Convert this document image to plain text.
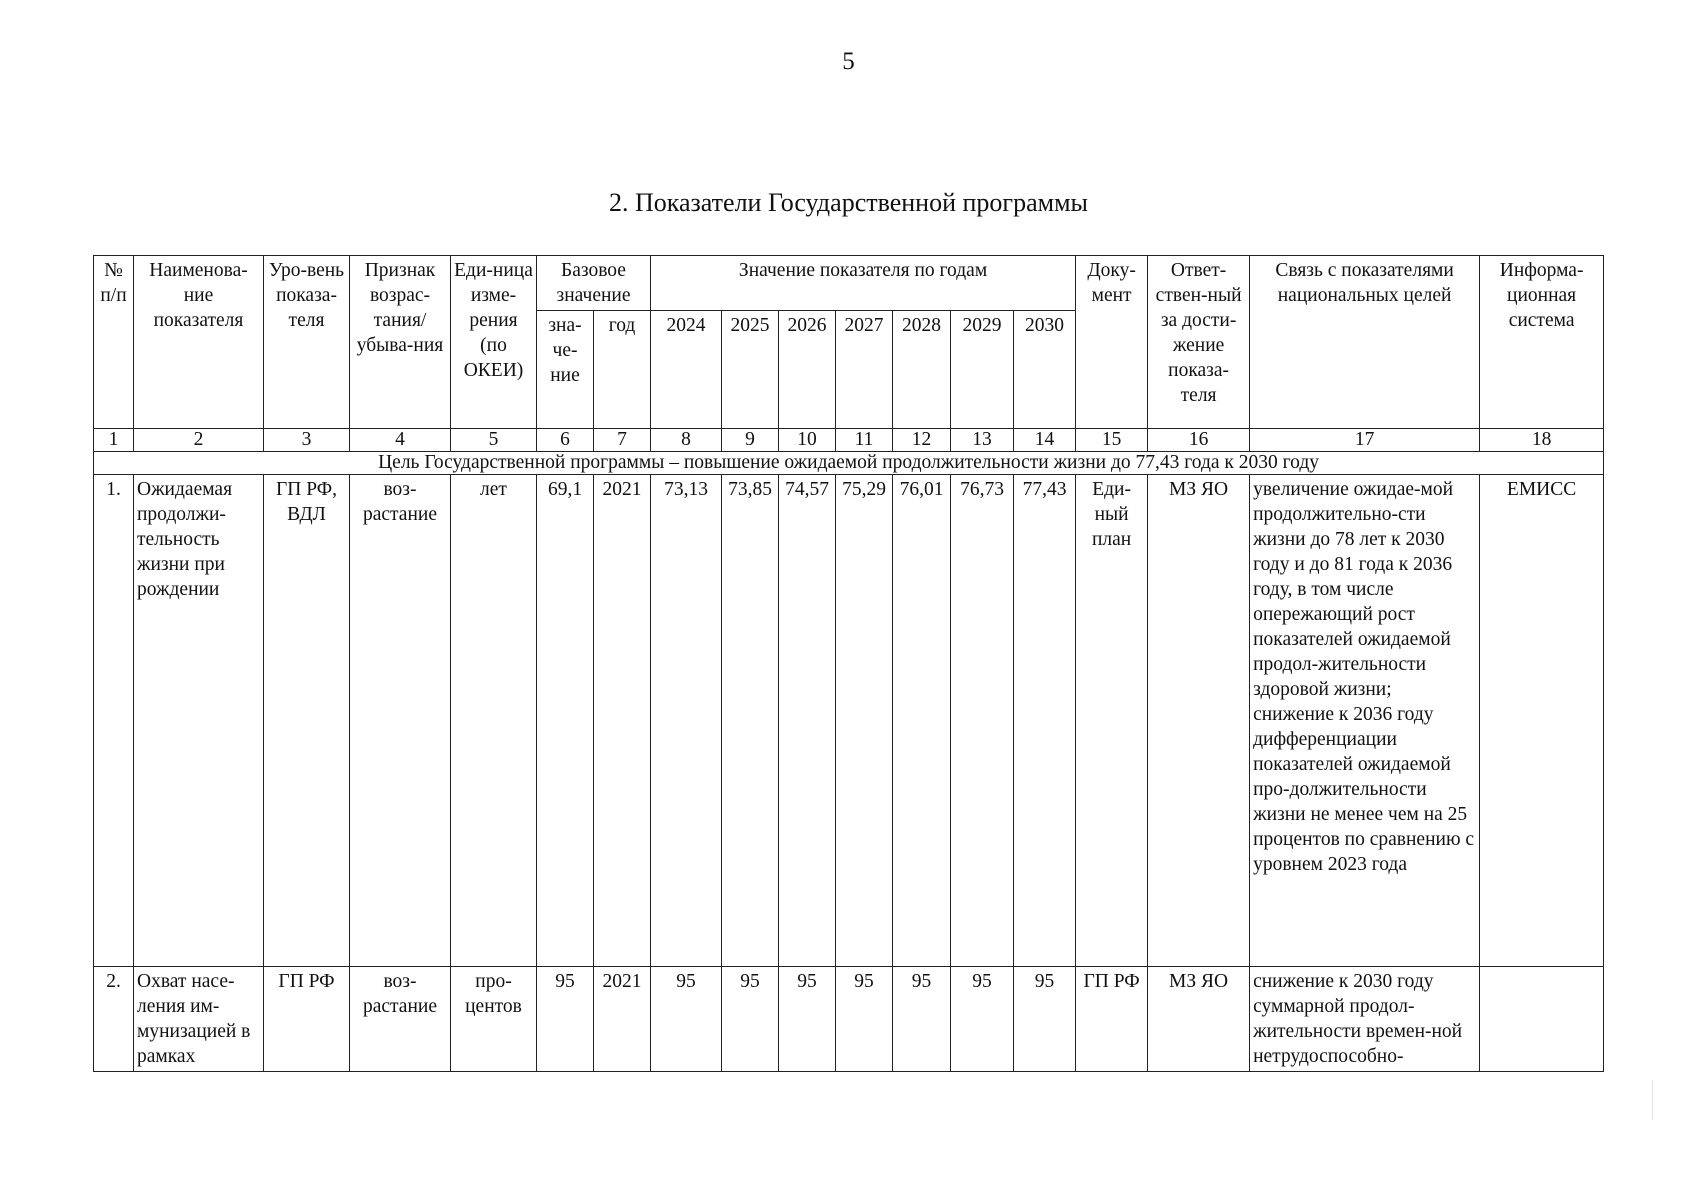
5
2. Показатели Государственной программы
№ п/п	Наименова-ние показателя	Уро-вень показа-теля	Признак возрас-тания/ убыва-ния	Еди-ница изме-рения (по ОКЕИ)	Базовое значение		Значение показателя по годам							Доку-мент	Ответ-ствен-ный за дости-жение показа-теля	Связь с показателями национальных целей	Информа-ционная система
					зна-че-ние	год	2024	2025	2026	2027	2028	2029	2030				
1	2	3	4	5	6	7	8	9	10	11	12	13	14	15	16	17	18
Цель Государственной программы – повышение ожидаемой продолжительности жизни до 77,43 года к 2030 году																	
1.	Ожидаемая продолжи-тельность жизни при рождении	ГП РФ, ВДЛ	воз-растание	лет	69,1	2021	73,13	73,85	74,57	75,29	76,01	76,73	77,43	Еди-ный план	МЗ ЯО	увеличение ожидае-мой продолжительно-сти жизни до 78 лет к 2030 году и до 81 года к 2036 году, в том числе опережающий рост показателей ожидаемой продол-жительности здоровой жизни; снижение к 2036 году дифференциации показателей ожидаемой про-должительности жизни не менее чем на 25 процентов по сравнению с уровнем 2023 года	ЕМИСС
2.	Охват насе-ления им-мунизацией в рамках	ГП РФ	воз-растание	про-центов	95	2021	95	95	95	95	95	95	95	ГП РФ	МЗ ЯО	снижение к 2030 году суммарной продол-жительности времен-ной нетрудоспособно-	
